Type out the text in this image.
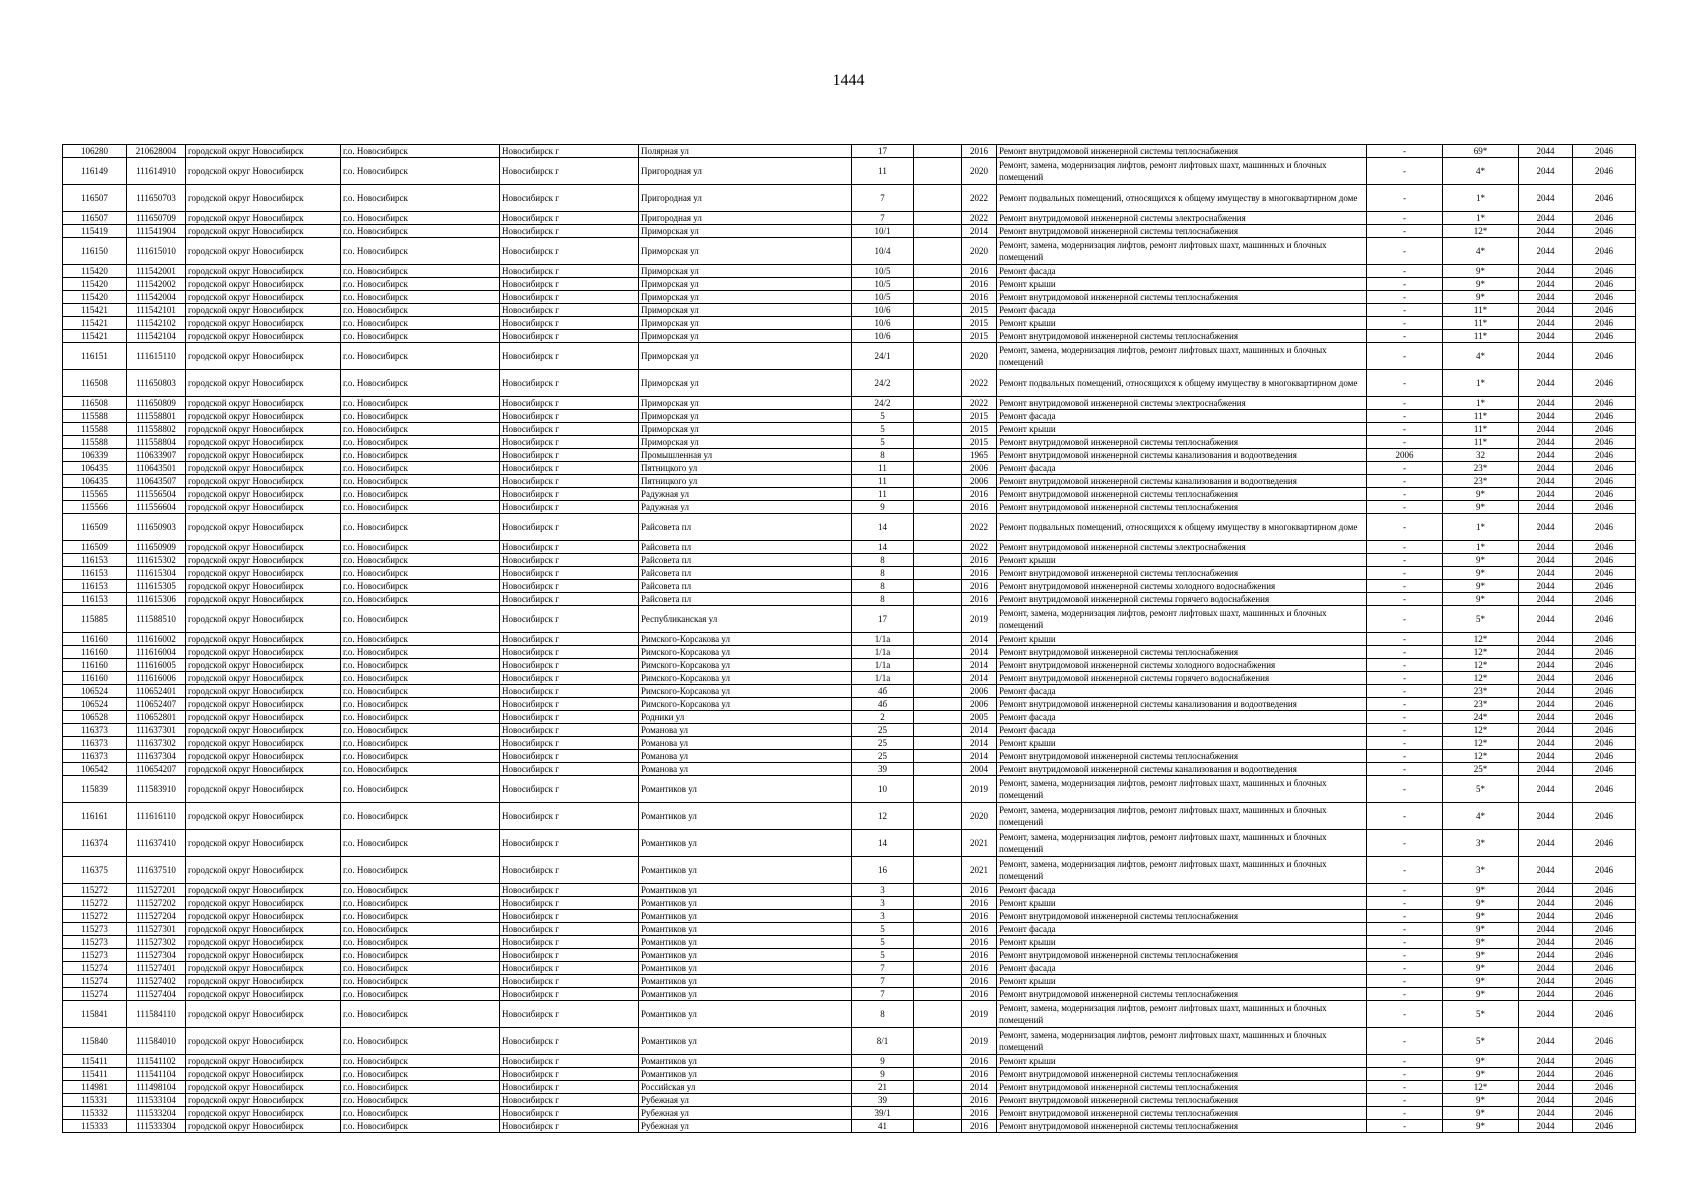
1444
106280	210628004	городской округ Новосибирск	г.о. Новосибирск	Новосибирск г	Полярная ул	17		2016	Ремонт внутридомовой инженерной системы теплоснабжения	-	69*	2044	2046
116149	111614910	городской округ Новосибирск	г.о. Новосибирск	Новосибирск г	Пригородная ул	11		2020	Ремонт, замена, модернизация лифтов, ремонт лифтовых шахт, машинных и блочных помещений	-	4*	2044	2046
116507	111650703	городской округ Новосибирск	г.о. Новосибирск	Новосибирск г	Пригородная ул	7		2022	Ремонт подвальных помещений, относящихся к общему имуществу в многоквартирном доме	-	1*	2044	2046
116507	111650709	городской округ Новосибирск	г.о. Новосибирск	Новосибирск г	Пригородная ул	7		2022	Ремонт внутридомовой инженерной системы электроснабжения	-	1*	2044	2046
115419	111541904	городской округ Новосибирск	г.о. Новосибирск	Новосибирск г	Приморская ул	10/1		2014	Ремонт внутридомовой инженерной системы теплоснабжения	-	12*	2044	2046
116150	111615010	городской округ Новосибирск	г.о. Новосибирск	Новосибирск г	Приморская ул	10/4		2020	Ремонт, замена, модернизация лифтов, ремонт лифтовых шахт, машинных и блочных помещений	-	4*	2044	2046
115420	111542001	городской округ Новосибирск	г.о. Новосибирск	Новосибирск г	Приморская ул	10/5		2016	Ремонт фасада	-	9*	2044	2046
115420	111542002	городской округ Новосибирск	г.о. Новосибирск	Новосибирск г	Приморская ул	10/5		2016	Ремонт крыши	-	9*	2044	2046
115420	111542004	городской округ Новосибирск	г.о. Новосибирск	Новосибирск г	Приморская ул	10/5		2016	Ремонт внутридомовой инженерной системы теплоснабжения	-	9*	2044	2046
115421	111542101	городской округ Новосибирск	г.о. Новосибирск	Новосибирск г	Приморская ул	10/6		2015	Ремонт фасада	-	11*	2044	2046
115421	111542102	городской округ Новосибирск	г.о. Новосибирск	Новосибирск г	Приморская ул	10/6		2015	Ремонт крыши	-	11*	2044	2046
115421	111542104	городской округ Новосибирск	г.о. Новосибирск	Новосибирск г	Приморская ул	10/6		2015	Ремонт внутридомовой инженерной системы теплоснабжения	-	11*	2044	2046
116151	111615110	городской округ Новосибирск	г.о. Новосибирск	Новосибирск г	Приморская ул	24/1		2020	Ремонт, замена, модернизация лифтов, ремонт лифтовых шахт, машинных и блочных помещений	-	4*	2044	2046
116508	111650803	городской округ Новосибирск	г.о. Новосибирск	Новосибирск г	Приморская ул	24/2		2022	Ремонт подвальных помещений, относящихся к общему имуществу в многоквартирном доме	-	1*	2044	2046
116508	111650809	городской округ Новосибирск	г.о. Новосибирск	Новосибирск г	Приморская ул	24/2		2022	Ремонт внутридомовой инженерной системы электроснабжения	-	1*	2044	2046
115588	111558801	городской округ Новосибирск	г.о. Новосибирск	Новосибирск г	Приморская ул	5		2015	Ремонт фасада	-	11*	2044	2046
115588	111558802	городской округ Новосибирск	г.о. Новосибирск	Новосибирск г	Приморская ул	5		2015	Ремонт крыши	-	11*	2044	2046
115588	111558804	городской округ Новосибирск	г.о. Новосибирск	Новосибирск г	Приморская ул	5		2015	Ремонт внутридомовой инженерной системы теплоснабжения	-	11*	2044	2046
106339	110633907	городской округ Новосибирск	г.о. Новосибирск	Новосибирск г	Промышленная ул	8		1965	Ремонт внутридомовой инженерной системы канализования и водоотведения	2006	32	2044	2046
106435	110643501	городской округ Новосибирск	г.о. Новосибирск	Новосибирск г	Пятницкого ул	11		2006	Ремонт фасада	-	23*	2044	2046
106435	110643507	городской округ Новосибирск	г.о. Новосибирск	Новосибирск г	Пятницкого ул	11		2006	Ремонт внутридомовой инженерной системы канализования и водоотведения	-	23*	2044	2046
115565	111556504	городской округ Новосибирск	г.о. Новосибирск	Новосибирск г	Радужная ул	11		2016	Ремонт внутридомовой инженерной системы теплоснабжения	-	9*	2044	2046
115566	111556604	городской округ Новосибирск	г.о. Новосибирск	Новосибирск г	Радужная ул	9		2016	Ремонт внутридомовой инженерной системы теплоснабжения	-	9*	2044	2046
116509	111650903	городской округ Новосибирск	г.о. Новосибирск	Новосибирск г	Райсовета пл	14		2022	Ремонт подвальных помещений, относящихся к общему имуществу в многоквартирном доме	-	1*	2044	2046
116509	111650909	городской округ Новосибирск	г.о. Новосибирск	Новосибирск г	Райсовета пл	14		2022	Ремонт внутридомовой инженерной системы электроснабжения	-	1*	2044	2046
116153	111615302	городской округ Новосибирск	г.о. Новосибирск	Новосибирск г	Райсовета пл	8		2016	Ремонт крыши	-	9*	2044	2046
116153	111615304	городской округ Новосибирск	г.о. Новосибирск	Новосибирск г	Райсовета пл	8		2016	Ремонт внутридомовой инженерной системы теплоснабжения	-	9*	2044	2046
116153	111615305	городской округ Новосибирск	г.о. Новосибирск	Новосибирск г	Райсовета пл	8		2016	Ремонт внутридомовой инженерной системы холодного водоснабжения	-	9*	2044	2046
116153	111615306	городской округ Новосибирск	г.о. Новосибирск	Новосибирск г	Райсовета пл	8		2016	Ремонт внутридомовой инженерной системы горячего водоснабжения	-	9*	2044	2046
115885	111588510	городской округ Новосибирск	г.о. Новосибирск	Новосибирск г	Республиканская ул	17		2019	Ремонт, замена, модернизация лифтов, ремонт лифтовых шахт, машинных и блочных помещений	-	5*	2044	2046
116160	111616002	городской округ Новосибирск	г.о. Новосибирск	Новосибирск г	Римского-Корсакова ул	1/1а		2014	Ремонт крыши	-	12*	2044	2046
116160	111616004	городской округ Новосибирск	г.о. Новосибирск	Новосибирск г	Римского-Корсакова ул	1/1а		2014	Ремонт внутридомовой инженерной системы теплоснабжения	-	12*	2044	2046
116160	111616005	городской округ Новосибирск	г.о. Новосибирск	Новосибирск г	Римского-Корсакова ул	1/1а		2014	Ремонт внутридомовой инженерной системы холодного водоснабжения	-	12*	2044	2046
116160	111616006	городской округ Новосибирск	г.о. Новосибирск	Новосибирск г	Римского-Корсакова ул	1/1а		2014	Ремонт внутридомовой инженерной системы горячего водоснабжения	-	12*	2044	2046
106524	110652401	городской округ Новосибирск	г.о. Новосибирск	Новосибирск г	Римского-Корсакова ул	4б		2006	Ремонт фасада	-	23*	2044	2046
106524	110652407	городской округ Новосибирск	г.о. Новосибирск	Новосибирск г	Римского-Корсакова ул	4б		2006	Ремонт внутридомовой инженерной системы канализования и водоотведения	-	23*	2044	2046
106528	110652801	городской округ Новосибирск	г.о. Новосибирск	Новосибирск г	Родники ул	2		2005	Ремонт фасада	-	24*	2044	2046
116373	111637301	городской округ Новосибирск	г.о. Новосибирск	Новосибирск г	Романова ул	25		2014	Ремонт фасада	-	12*	2044	2046
116373	111637302	городской округ Новосибирск	г.о. Новосибирск	Новосибирск г	Романова ул	25		2014	Ремонт крыши	-	12*	2044	2046
116373	111637304	городской округ Новосибирск	г.о. Новосибирск	Новосибирск г	Романова ул	25		2014	Ремонт внутридомовой инженерной системы теплоснабжения	-	12*	2044	2046
106542	110654207	городской округ Новосибирск	г.о. Новосибирск	Новосибирск г	Романова ул	39		2004	Ремонт внутридомовой инженерной системы канализования и водоотведения	-	25*	2044	2046
115839	111583910	городской округ Новосибирск	г.о. Новосибирск	Новосибирск г	Романтиков ул	10		2019	Ремонт, замена, модернизация лифтов, ремонт лифтовых шахт, машинных и блочных помещений	-	5*	2044	2046
116161	111616110	городской округ Новосибирск	г.о. Новосибирск	Новосибирск г	Романтиков ул	12		2020	Ремонт, замена, модернизация лифтов, ремонт лифтовых шахт, машинных и блочных помещений	-	4*	2044	2046
116374	111637410	городской округ Новосибирск	г.о. Новосибирск	Новосибирск г	Романтиков ул	14		2021	Ремонт, замена, модернизация лифтов, ремонт лифтовых шахт, машинных и блочных помещений	-	3*	2044	2046
116375	111637510	городской округ Новосибирск	г.о. Новосибирск	Новосибирск г	Романтиков ул	16		2021	Ремонт, замена, модернизация лифтов, ремонт лифтовых шахт, машинных и блочных помещений	-	3*	2044	2046
115272	111527201	городской округ Новосибирск	г.о. Новосибирск	Новосибирск г	Романтиков ул	3		2016	Ремонт фасада	-	9*	2044	2046
115272	111527202	городской округ Новосибирск	г.о. Новосибирск	Новосибирск г	Романтиков ул	3		2016	Ремонт крыши	-	9*	2044	2046
115272	111527204	городской округ Новосибирск	г.о. Новосибирск	Новосибирск г	Романтиков ул	3		2016	Ремонт внутридомовой инженерной системы теплоснабжения	-	9*	2044	2046
115273	111527301	городской округ Новосибирск	г.о. Новосибирск	Новосибирск г	Романтиков ул	5		2016	Ремонт фасада	-	9*	2044	2046
115273	111527302	городской округ Новосибирск	г.о. Новосибирск	Новосибирск г	Романтиков ул	5		2016	Ремонт крыши	-	9*	2044	2046
115273	111527304	городской округ Новосибирск	г.о. Новосибирск	Новосибирск г	Романтиков ул	5		2016	Ремонт внутридомовой инженерной системы теплоснабжения	-	9*	2044	2046
115274	111527401	городской округ Новосибирск	г.о. Новосибирск	Новосибирск г	Романтиков ул	7		2016	Ремонт фасада	-	9*	2044	2046
115274	111527402	городской округ Новосибирск	г.о. Новосибирск	Новосибирск г	Романтиков ул	7		2016	Ремонт крыши	-	9*	2044	2046
115274	111527404	городской округ Новосибирск	г.о. Новосибирск	Новосибирск г	Романтиков ул	7		2016	Ремонт внутридомовой инженерной системы теплоснабжения	-	9*	2044	2046
115841	111584110	городской округ Новосибирск	г.о. Новосибирск	Новосибирск г	Романтиков ул	8		2019	Ремонт, замена, модернизация лифтов, ремонт лифтовых шахт, машинных и блочных помещений	-	5*	2044	2046
115840	111584010	городской округ Новосибирск	г.о. Новосибирск	Новосибирск г	Романтиков ул	8/1		2019	Ремонт, замена, модернизация лифтов, ремонт лифтовых шахт, машинных и блочных помещений	-	5*	2044	2046
115411	111541102	городской округ Новосибирск	г.о. Новосибирск	Новосибирск г	Романтиков ул	9		2016	Ремонт крыши	-	9*	2044	2046
115411	111541104	городской округ Новосибирск	г.о. Новосибирск	Новосибирск г	Романтиков ул	9		2016	Ремонт внутридомовой инженерной системы теплоснабжения	-	9*	2044	2046
114981	111498104	городской округ Новосибирск	г.о. Новосибирск	Новосибирск г	Российская ул	21		2014	Ремонт внутридомовой инженерной системы теплоснабжения	-	12*	2044	2046
115331	111533104	городской округ Новосибирск	г.о. Новосибирск	Новосибирск г	Рубежная ул	39		2016	Ремонт внутридомовой инженерной системы теплоснабжения	-	9*	2044	2046
115332	111533204	городской округ Новосибирск	г.о. Новосибирск	Новосибирск г	Рубежная ул	39/1		2016	Ремонт внутридомовой инженерной системы теплоснабжения	-	9*	2044	2046
115333	111533304	городской округ Новосибирск	г.о. Новосибирск	Новосибирск г	Рубежная ул	41		2016	Ремонт внутридомовой инженерной системы теплоснабжения	-	9*	2044	2046
